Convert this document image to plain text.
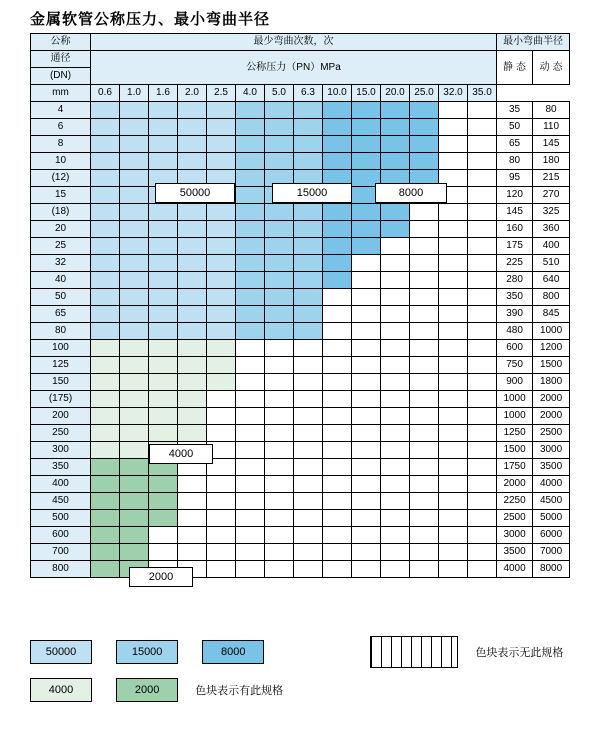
金属软管公称压力、最小弯曲半径
公称	最少弯曲次数，次														最小弯曲半径	
通径	公称压力（PN）MPa														静 态	动 态
(DN)																
mm	0.6	1.0	1.6	2.0	2.5	4.0	5.0	6.3	10.0	15.0	20.0	25.0	32.0	35.0		
4															35	80
6															50	110
8															65	145
10															80	180
(12)															95	215
15															120	270
(18)															145	325
20															160	360
25															175	400
32															225	510
40															280	640
50															350	800
65															390	845
80															480	1000
100															600	1200
125															750	1500
150															900	1800
(175)															1000	2000
200															1000	2000
250															1250	2500
300															1500	3000
350															1750	3500
400															2000	4000
450															2250	4500
500															2500	5000
600															3000	6000
700															3500	7000
800															4000	8000
50000	15000	8000
4000
2000
50000	15000	8000	色块表示无此规格
4000	2000	色块表示有此规格
